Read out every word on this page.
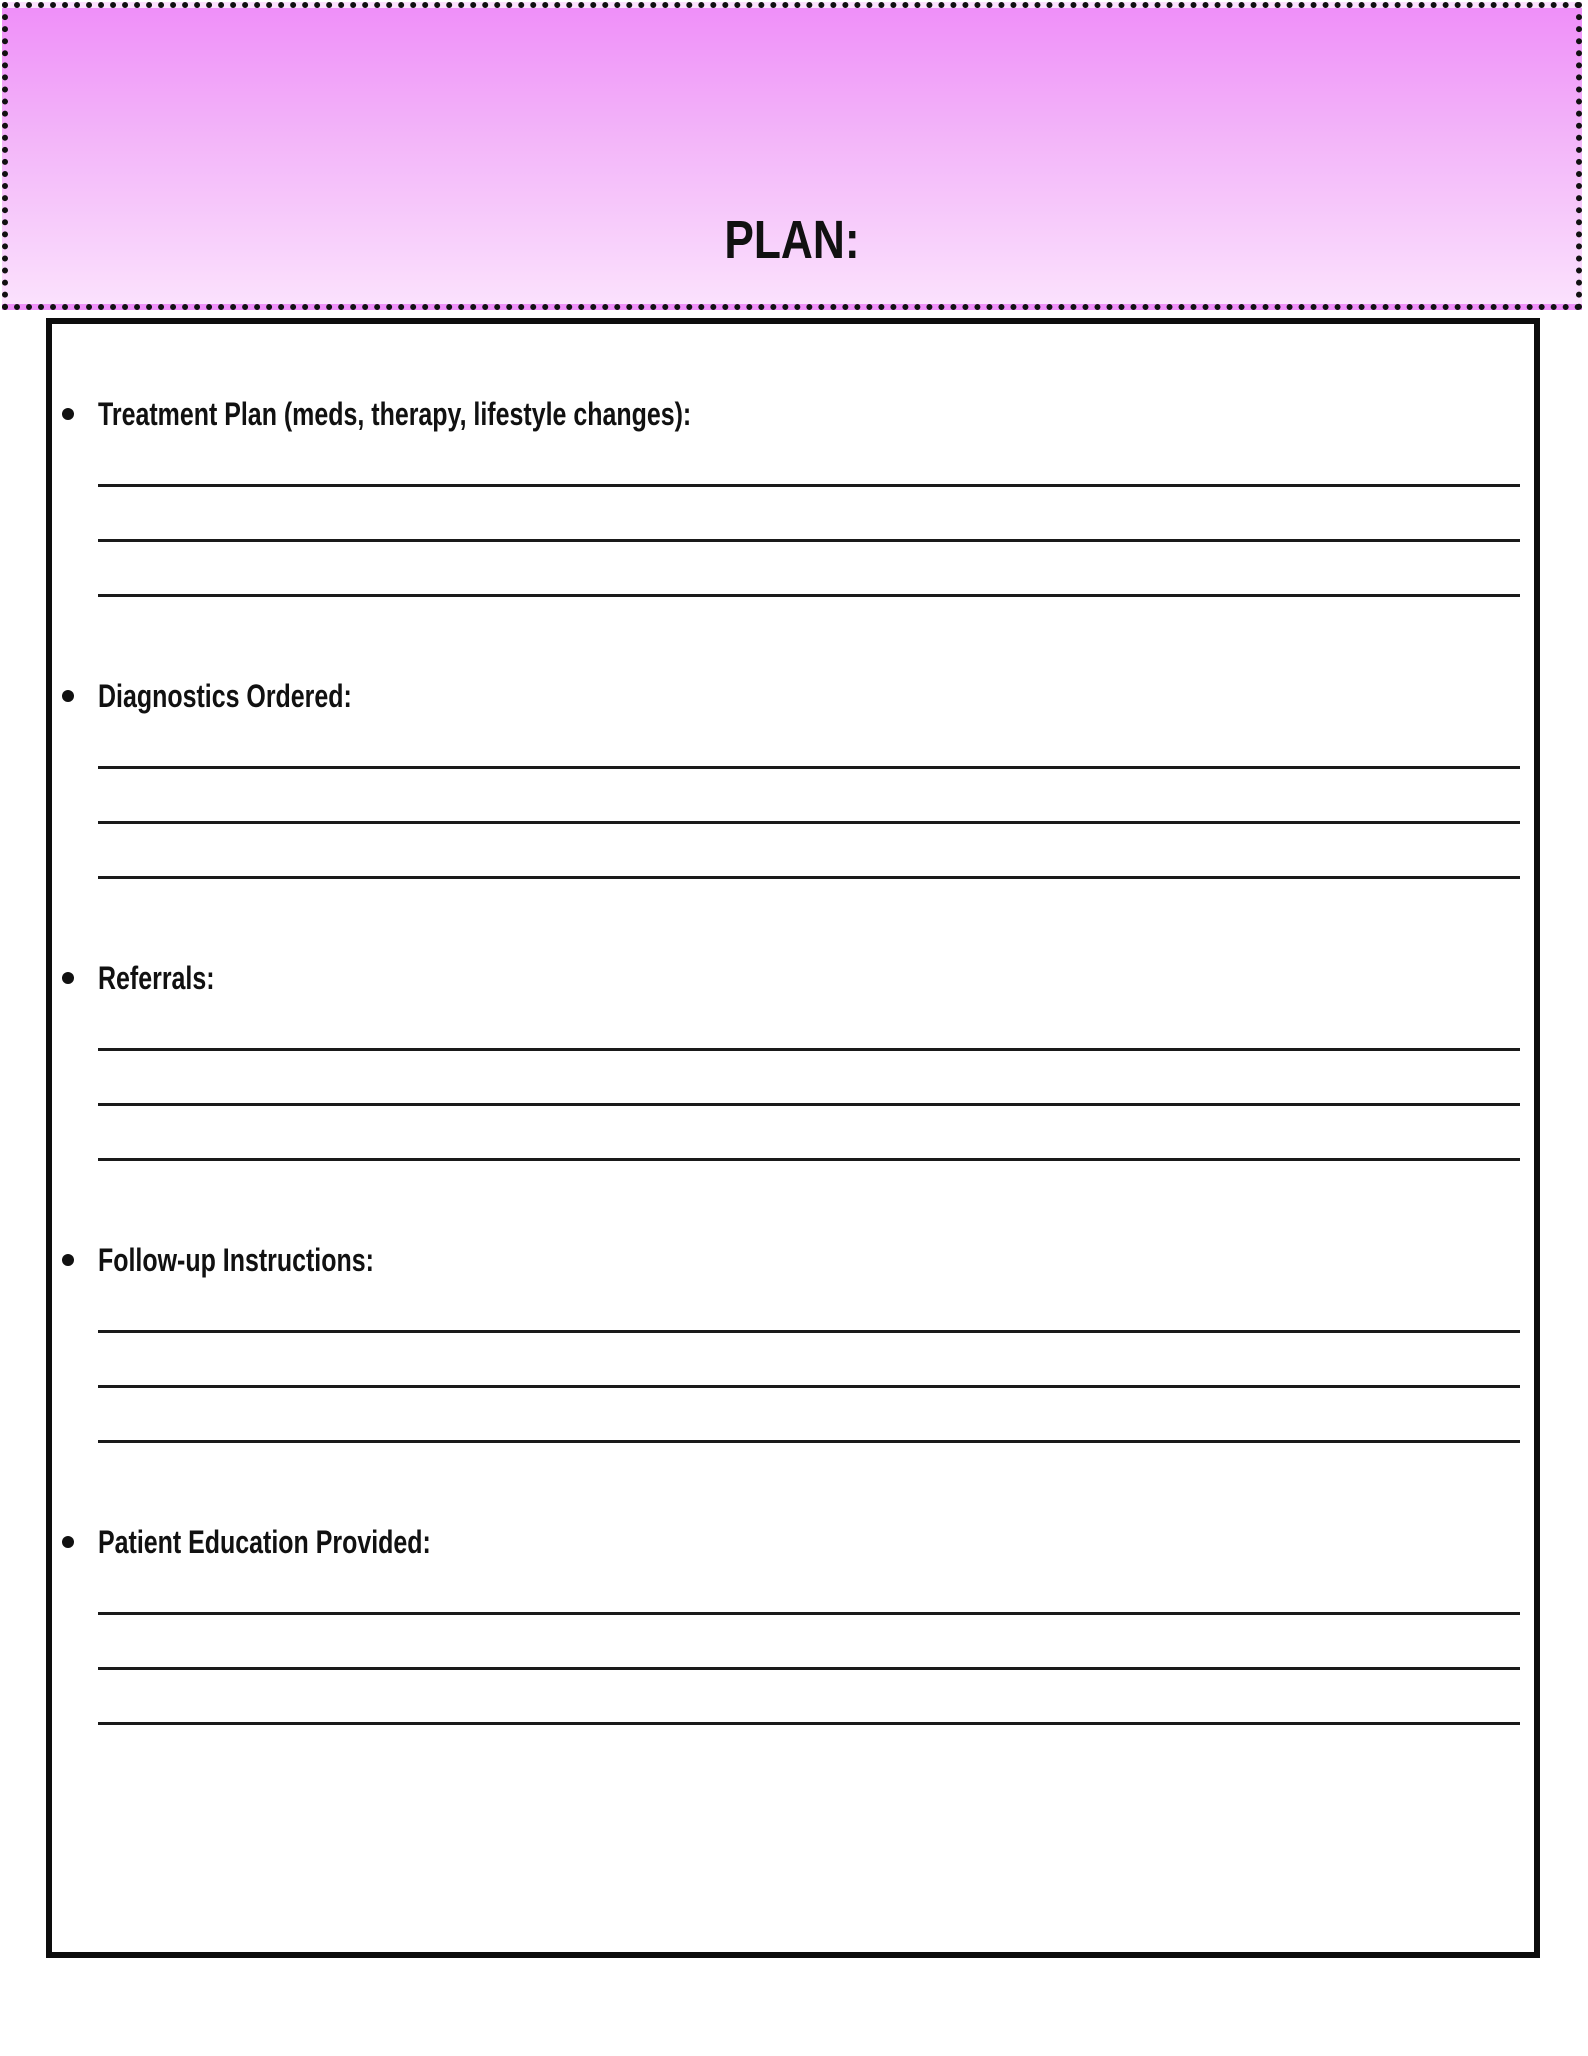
PLAN:
Treatment Plan (meds, therapy, lifestyle changes):
Diagnostics Ordered:
Referrals:
Follow-up Instructions:
Patient Education Provided:
